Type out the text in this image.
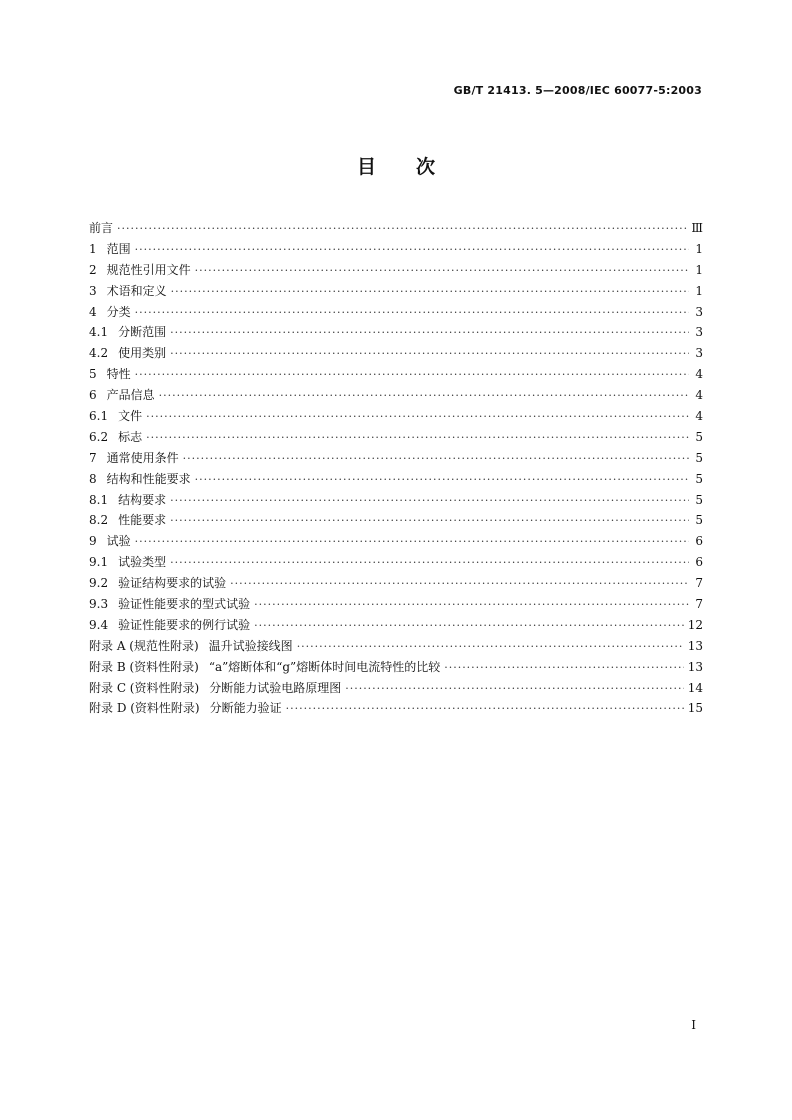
GB/T 21413. 5—2008/IEC 60077-5:2003
目次
前言 ·····	Ⅲ
1 范围 ·····	1
2 规范性引用文件 ·····	1
3 术语和定义 ·····	1
4 分类 ·····	3
4.1 分断范围 ·····	3
4.2 使用类别 ·····	3
5 特性 ·····	4
6 产品信息 ·····	4
6.1 文件 ·····	4
6.2 标志 ·····	5
7 通常使用条件 ·····	5
8 结构和性能要求 ·····	5
8.1 结构要求 ·····	5
8.2 性能要求 ·····	5
9 试验 ·····	6
9.1 试验类型 ·····	6
9.2 验证结构要求的试验 ·····	7
9.3 验证性能要求的型式试验 ·····	7
9.4 验证性能要求的例行试验 ·····	12
附录 A (规范性附录) 温升试验接线图 ·····	13
附录 B (资料性附录) “a”熔断体和“g”熔断体时间电流特性的比较 ·····	13
附录 C (资料性附录) 分断能力试验电路原理图 ·····	14
附录 D (资料性附录) 分断能力验证 ·····	15
I
